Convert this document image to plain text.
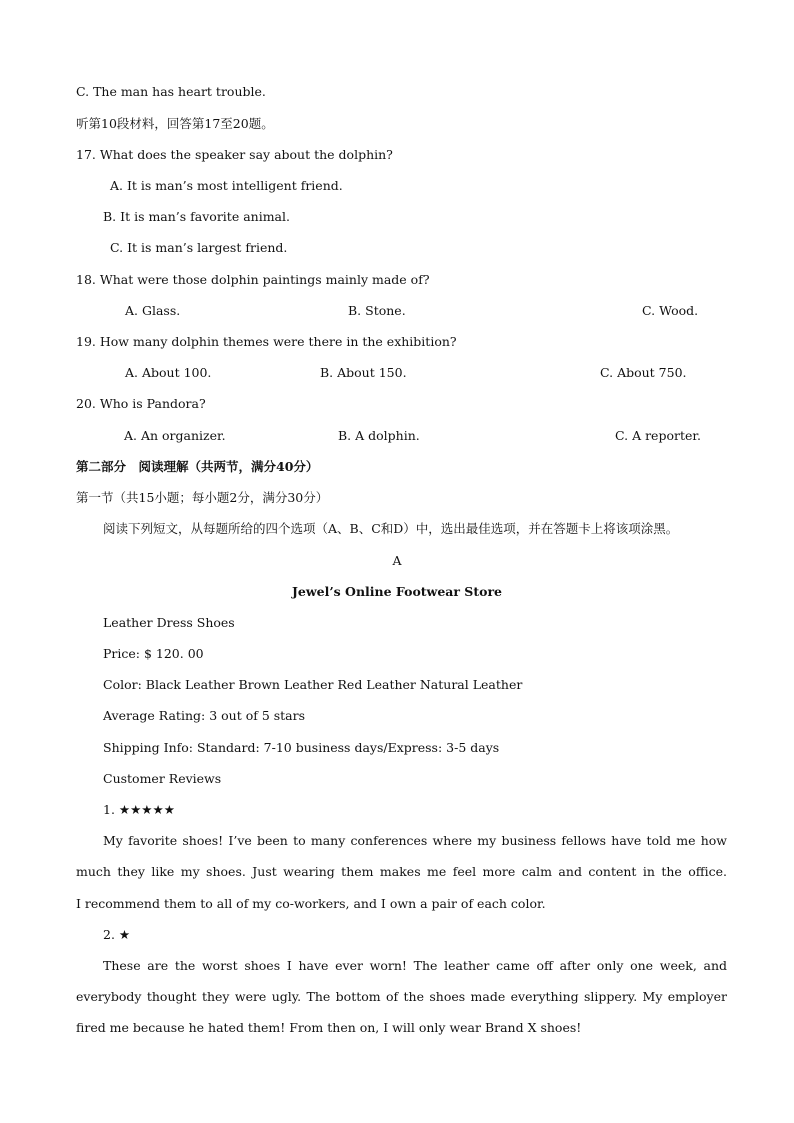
C. The man has heart trouble.
听第10段材料，回答第17至20题。
17. What does the speaker say about the dolphin?
A. It is man’s most intelligent friend.
B. It is man’s favorite animal.
C. It is man’s largest friend.
18. What were those dolphin paintings mainly made of?
A. Glass.	B. Stone.	C. Wood.
19. How many dolphin themes were there in the exhibition?
A. About 100.	B. About 150.	C. About 750.
20. Who is Pandora?
A. An organizer.	B. A dolphin.	C. A reporter.
第二部分　阅读理解（共两节，满分40分）
第一节（共15小题；每小题2分，满分30分）
阅读下列短文，从每题所给的四个选项（A、B、C和D）中，选出最佳选项，并在答题卡上将该项涂黑。
A
Jewel’s Online Footwear Store
Leather Dress Shoes
Price: $ 120. 00
Color: Black Leather Brown Leather Red Leather Natural Leather
Average Rating: 3 out of 5 stars
Shipping Info: Standard: 7-10 business days/Express: 3-5 days
Customer Reviews
1. ★★★★★
My favorite shoes! I’ve been to many conferences where my business fellows have told me how
much they like my shoes. Just wearing them makes me feel more calm and content in the office.
I recommend them to all of my co-workers, and I own a pair of each color.
2. ★
These are the worst shoes I have ever worn! The leather came off after only one week, and
everybody thought they were ugly. The bottom of the shoes made everything slippery. My employer
fired me because he hated them! From then on, I will only wear Brand X shoes!
